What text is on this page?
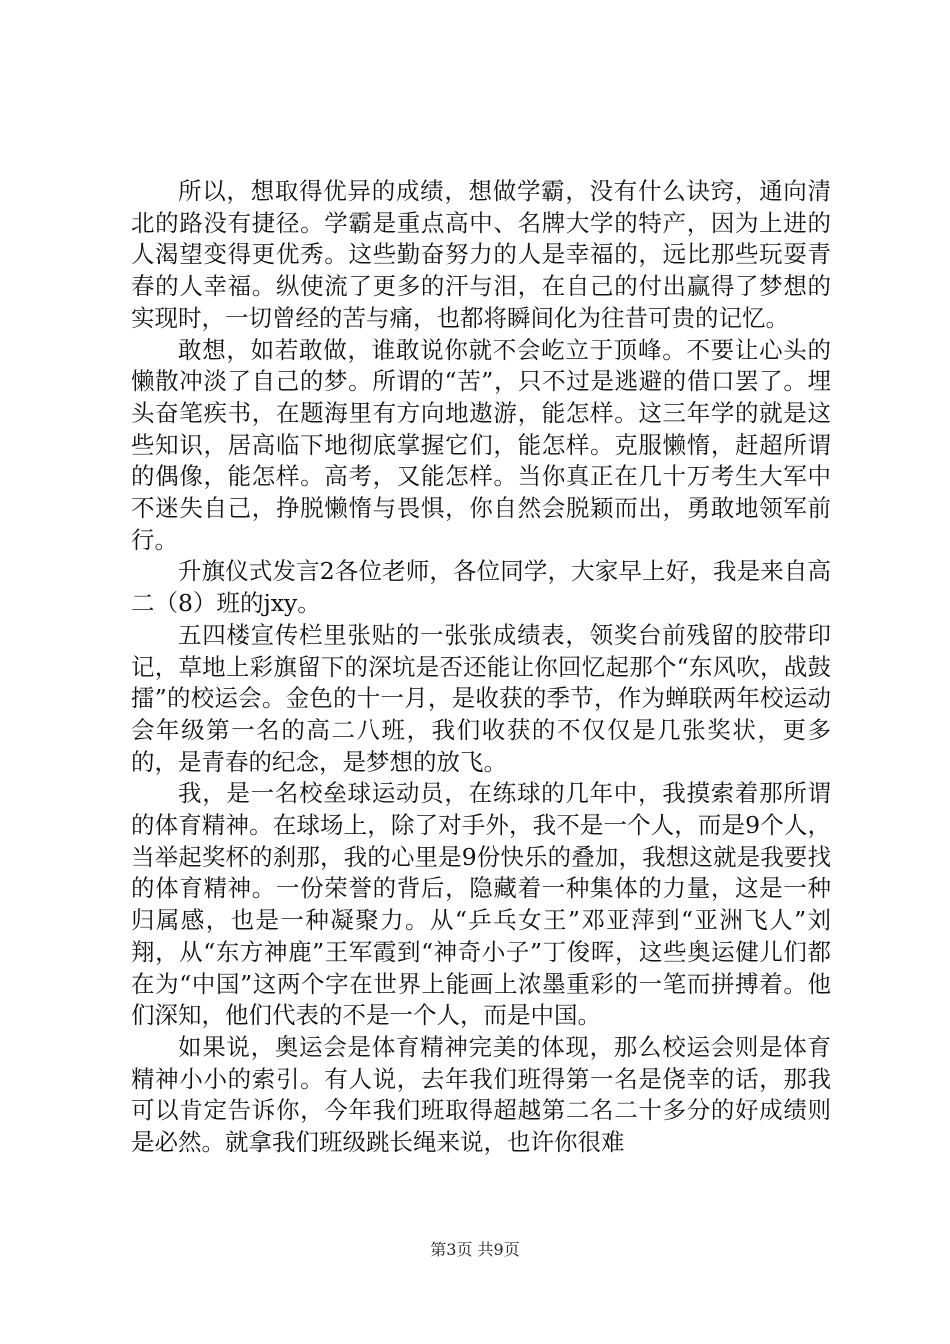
所以，想取得优异的成绩，想做学霸，没有什么诀窍，通向清北的路没有捷径。学霸是重点高中、名牌大学的特产，因为上进的人渴望变得更优秀。这些勤奋努力的人是幸福的，远比那些玩耍青春的人幸福。纵使流了更多的汗与泪，在自己的付出赢得了梦想的实现时，一切曾经的苦与痛，也都将瞬间化为往昔可贵的记忆。

敢想，如若敢做，谁敢说你就不会屹立于顶峰。不要让心头的懒散冲淡了自己的梦。所谓的“苦”，只不过是逃避的借口罢了。埋头奋笔疾书，在题海里有方向地遨游，能怎样。这三年学的就是这些知识，居高临下地彻底掌握它们，能怎样。克服懒惰，赶超所谓的偶像，能怎样。高考，又能怎样。当你真正在几十万考生大军中不迷失自己，挣脱懒惰与畏惧，你自然会脱颖而出，勇敢地领军前行。

升旗仪式发言2各位老师，各位同学，大家早上好，我是来自高二（8）班的jxy。

五四楼宣传栏里张贴的一张张成绩表，领奖台前残留的胶带印记，草地上彩旗留下的深坑是否还能让你回忆起那个“东风吹，战鼓擂”的校运会。金色的十一月，是收获的季节，作为蝉联两年校运动会年级第一名的高二八班，我们收获的不仅仅是几张奖状，更多的，是青春的纪念，是梦想的放飞。

我，是一名校垒球运动员，在练球的几年中，我摸索着那所谓的体育精神。在球场上，除了对手外，我不是一个人，而是9个人，当举起奖杯的刹那，我的心里是9份快乐的叠加，我想这就是我要找的体育精神。一份荣誉的背后，隐藏着一种集体的力量，这是一种归属感，也是一种凝聚力。从“乒乓女王”邓亚萍到“亚洲飞人”刘翔，从“东方神鹿”王军霞到“神奇小子”丁俊晖，这些奥运健儿们都在为“中国”这两个字在世界上能画上浓墨重彩的一笔而拼搏着。他们深知，他们代表的不是一个人，而是中国。

如果说，奥运会是体育精神完美的体现，那么校运会则是体育精神小小的索引。有人说，去年我们班得第一名是侥幸的话，那我可以肯定告诉你，今年我们班取得超越第二名二十多分的好成绩则是必然。就拿我们班级跳长绳来说，也许你很难

第3页 共9页
